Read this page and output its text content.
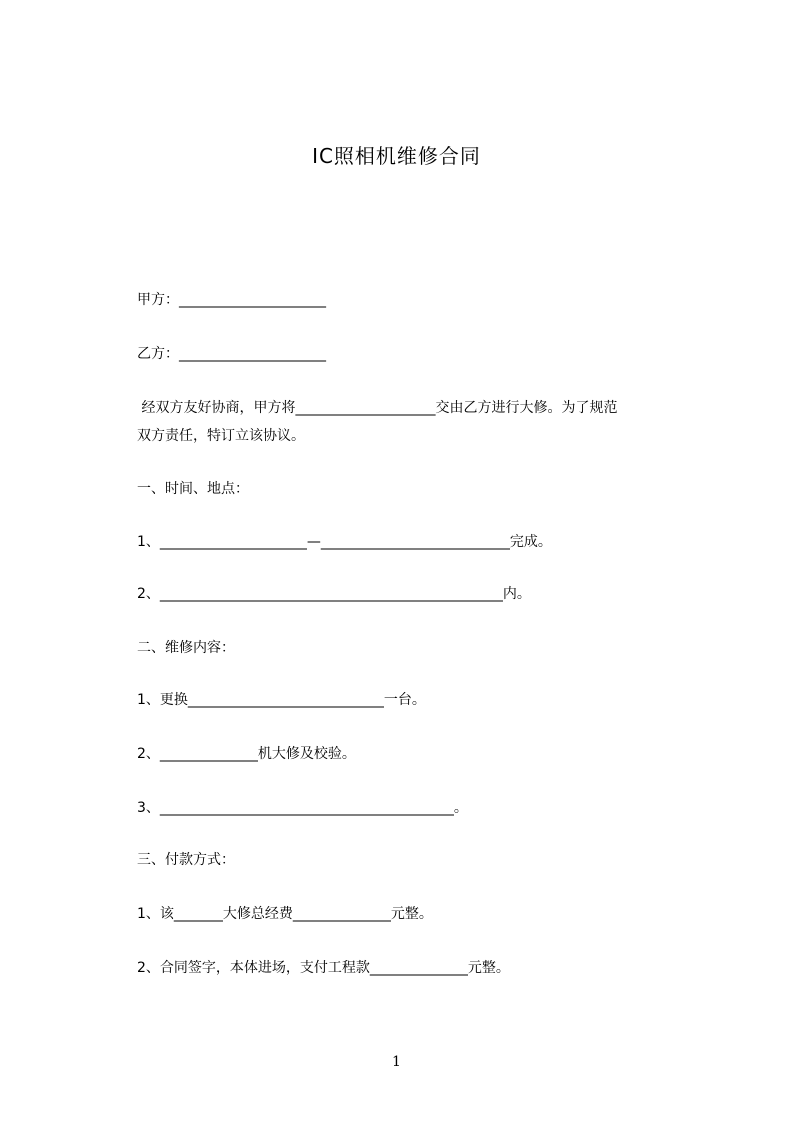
IC照相机维修合同
甲方：_____________________
乙方：_____________________
经双方友好协商，甲方将____________________交由乙方进行大修。为了规范
双方责任，特订立该协议。
一、时间、地点：
1、_____________________—___________________________完成。
2、_________________________________________________内。
二、维修内容：
1、更换____________________________一台。
2、______________机大修及校验。
3、__________________________________________。
三、付款方式：
1、该_______大修总经费______________元整。
2、合同签字，本体进场，支付工程款______________元整。
1
